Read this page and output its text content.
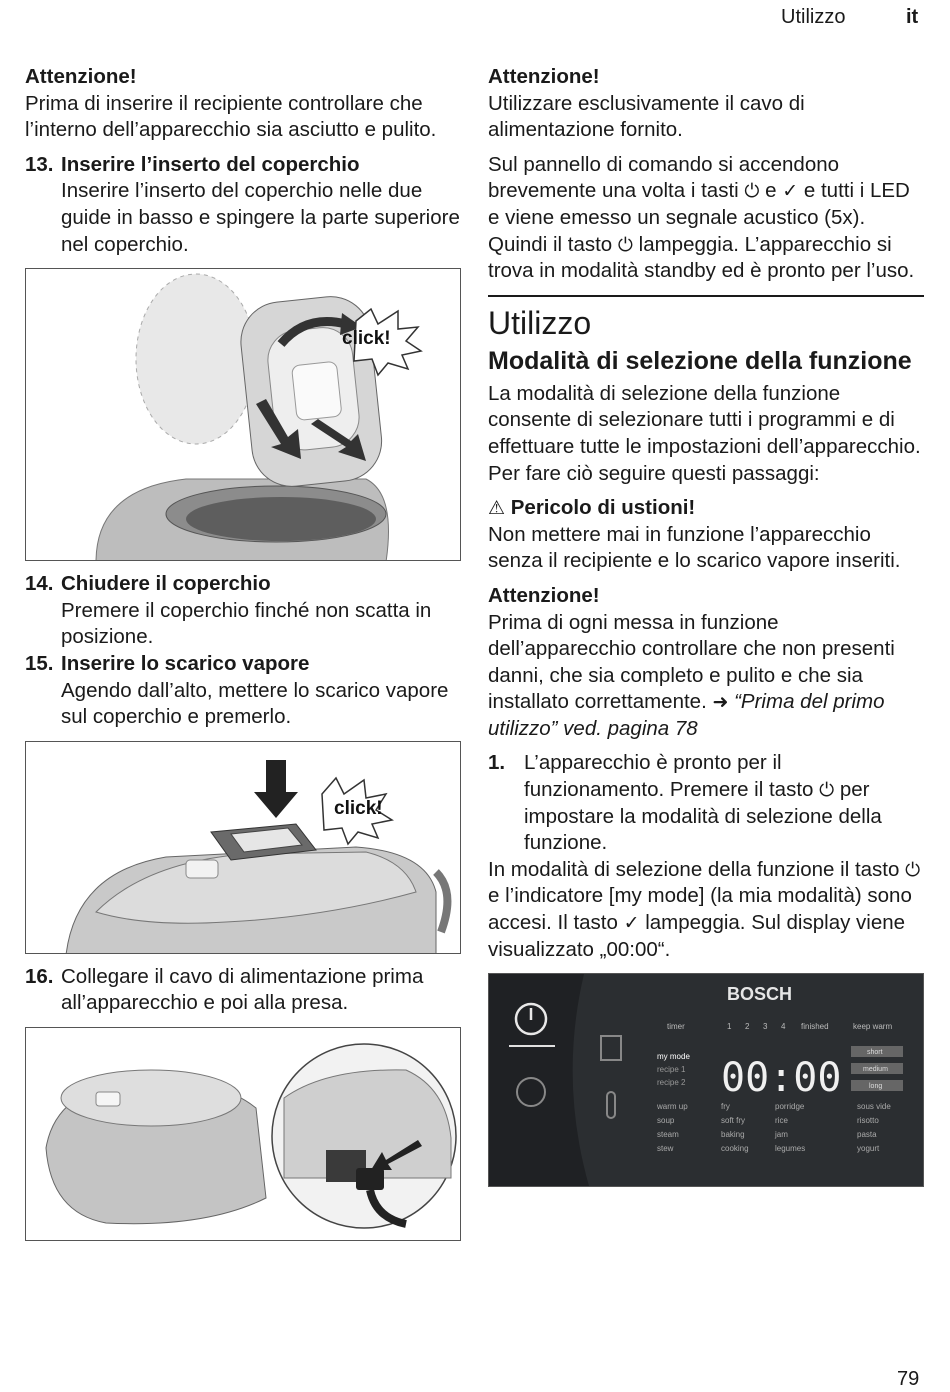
Utilizzo	it

Attenzione!

Prima di inserire il recipiente controllare che l’interno dell’apparecchio sia asciutto e pulito.

13. Inserire l’inserto del coperchio

Inserire l’inserto del coperchio nelle due guide in basso e spingere la parte superiore nel coperchio.

click!
14. Chiudere il coperchio

Premere il coperchio finché non scatta in posizione.

15. Inserire lo scarico vapore

Agendo dall’alto, mettere lo scarico vapore sul coperchio e premerlo.

click!
16. Collegare il cavo di alimentazione prima all’apparecchio e poi alla presa.

Attenzione!

Utilizzare esclusivamente il cavo di alimentazione fornito.

Sul pannello di comando si accendono brevemente una volta i tasti ⏻ e ✓ e tutti i LED e viene emesso un segnale acustico (5x). Quindi il tasto ⏻ lampeggia. L’apparecchio si trova in modalità standby ed è pronto per l’uso.

Utilizzo
Modalità di selezione della funzione

La modalità di selezione della funzione consente di selezionare tutti i programmi e di effettuare tutte le impostazioni dell’apparecchio. Per fare ciò seguire questi passaggi:

⚠ Pericolo di ustioni!

Non mettere mai in funzione l’apparecchio senza il recipiente e lo scarico vapore inseriti.

Attenzione!

Prima di ogni messa in funzione dell’apparecchio controllare che non presenti danni, che sia completo e pulito e che sia installato correttamente. ➜ “Prima del primo utilizzo” ved. pagina 78

1. L’apparecchio è pronto per il funzionamento. Premere il tasto ⏻ per impostare la modalità di selezione della funzione.

In modalità di selezione della funzione il tasto ⏻ e l’indicatore [my mode] (la mia modalità) sono accesi. Il tasto ✓ lampeggia. Sul display viene visualizzato „00:00“.

BOSCH
timer	1 2 3 4 finished	keep warm
my mode
recipe 1
recipe 2 00:00
short
medium
long
warm up	fry	porridge	sous vide
soup	soft fry	rice	risotto
steam	baking	jam	pasta
stew	cooking	legumes	yogurt
79
